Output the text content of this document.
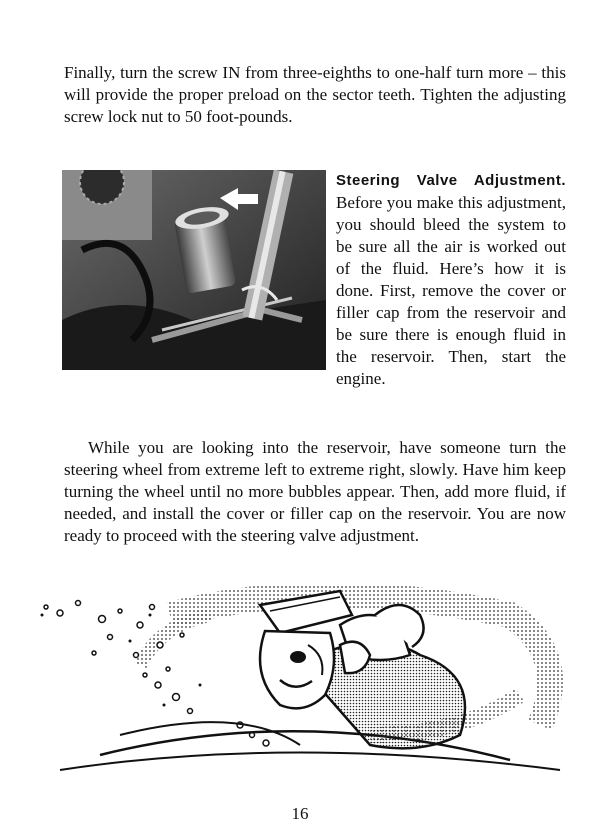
Finally, turn the screw IN from three-eighths to one-half turn more – this will provide the proper preload on the sector teeth. Tighten the adjusting screw lock nut to 50 foot-pounds.

Steering Valve Adjustment. Before you make this adjustment, you should bleed the system to be sure all the air is worked out of the fluid. Here’s how it is done. First, remove the cover or filler cap from the reservoir and be sure there is enough fluid in the reservoir. Then, start the engine.

While you are looking into the reservoir, have someone turn the steering wheel from extreme left to extreme right, slowly. Have him keep turning the wheel until no more bubbles appear. Then, add more fluid, if needed, and install the cover or filler cap on the reservoir. You are now ready to proceed with the steering valve adjustment.

16
